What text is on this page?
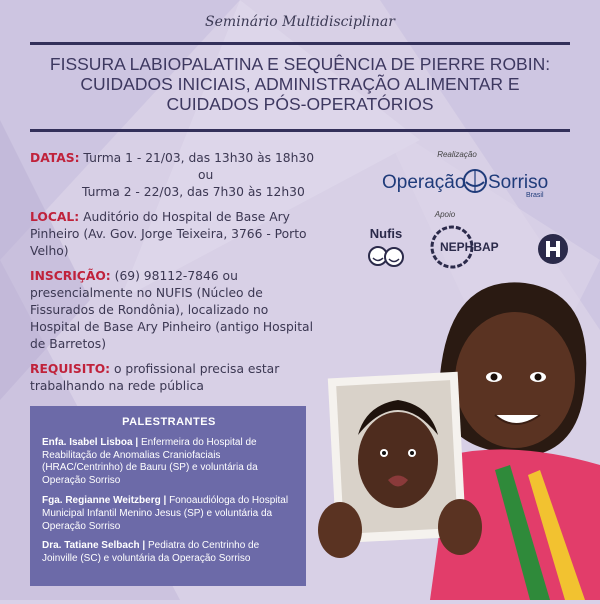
Seminário Multidisciplinar
FISSURA LABIOPALATINA E SEQUÊNCIA DE PIERRE ROBIN:
CUIDADOS INICIAIS, ADMINISTRAÇÃO ALIMENTAR E
CUIDADOS PÓS-OPERATÓRIOS
DATAS: Turma 1 - 21/03, das 13h30 às 18h30
ou
Turma 2 - 22/03, das 7h30 às 12h30
LOCAL: Auditório do Hospital de Base Ary Pinheiro (Av. Gov. Jorge Teixeira, 3766 - Porto Velho)
INSCRIÇÃO: (69) 98112-7846 ou presencialmente no NUFIS (Núcleo de Fissurados de Rondônia), localizado no Hospital de Base Ary Pinheiro (antigo Hospital de Barretos)
REQUISITO: o profissional precisa estar trabalhando na rede pública
PALESTRANTES

Enfa. Isabel Lisboa | Enfermeira do Hospital de Reabilitação de Anomalias Craniofaciais (HRAC/Centrinho) de Bauru (SP) e voluntária da Operação Sorriso

Fga. Regianne Weitzberg | Fonoaudióloga do Hospital Municipal Infantil Menino Jesus (SP) e voluntária da Operação Sorriso

Dra. Tatiane Selbach | Pediatra do Centrinho de Joinville (SC) e voluntária da Operação Sorriso

Realização
Operação Sorriso
Brasil
Apoio
Nufis
NEPHBAP
